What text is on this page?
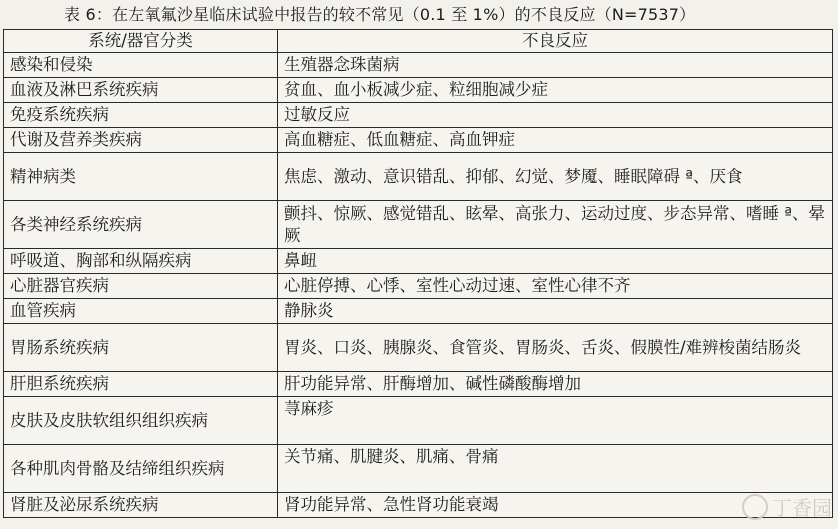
表 6：在左氧氟沙星临床试验中报告的较不常见（0.1 至 1%）的不良反应（N=7537）
系统/器官分类	不良反应
感染和侵染	生殖器念珠菌病
血液及淋巴系统疾病	贫血、血小板减少症、粒细胞减少症
免疫系统疾病	过敏反应
代谢及营养类疾病	高血糖症、低血糖症、高血钾症
精神病类	焦虑、激动、意识错乱、抑郁、幻觉、梦魇、睡眠障碍 ª、厌食
各类神经系统疾病	颤抖、惊厥、感觉错乱、眩晕、高张力、运动过度、步态异常、嗜睡 ª、晕厥
呼吸道、胸部和纵隔疾病	鼻衄
心脏器官疾病	心脏停搏、心悸、室性心动过速、室性心律不齐
血管疾病	静脉炎
胃肠系统疾病	胃炎、口炎、胰腺炎、食管炎、胃肠炎、舌炎、假膜性/难辨梭菌结肠炎
肝胆系统疾病	肝功能异常、肝酶增加、碱性磷酸酶增加
皮肤及皮肤软组织组织疾病	荨麻疹
各种肌肉骨骼及结缔组织疾病	关节痛、肌腱炎、肌痛、骨痛
肾脏及泌尿系统疾病	肾功能异常、急性肾功能衰竭	丁香园
